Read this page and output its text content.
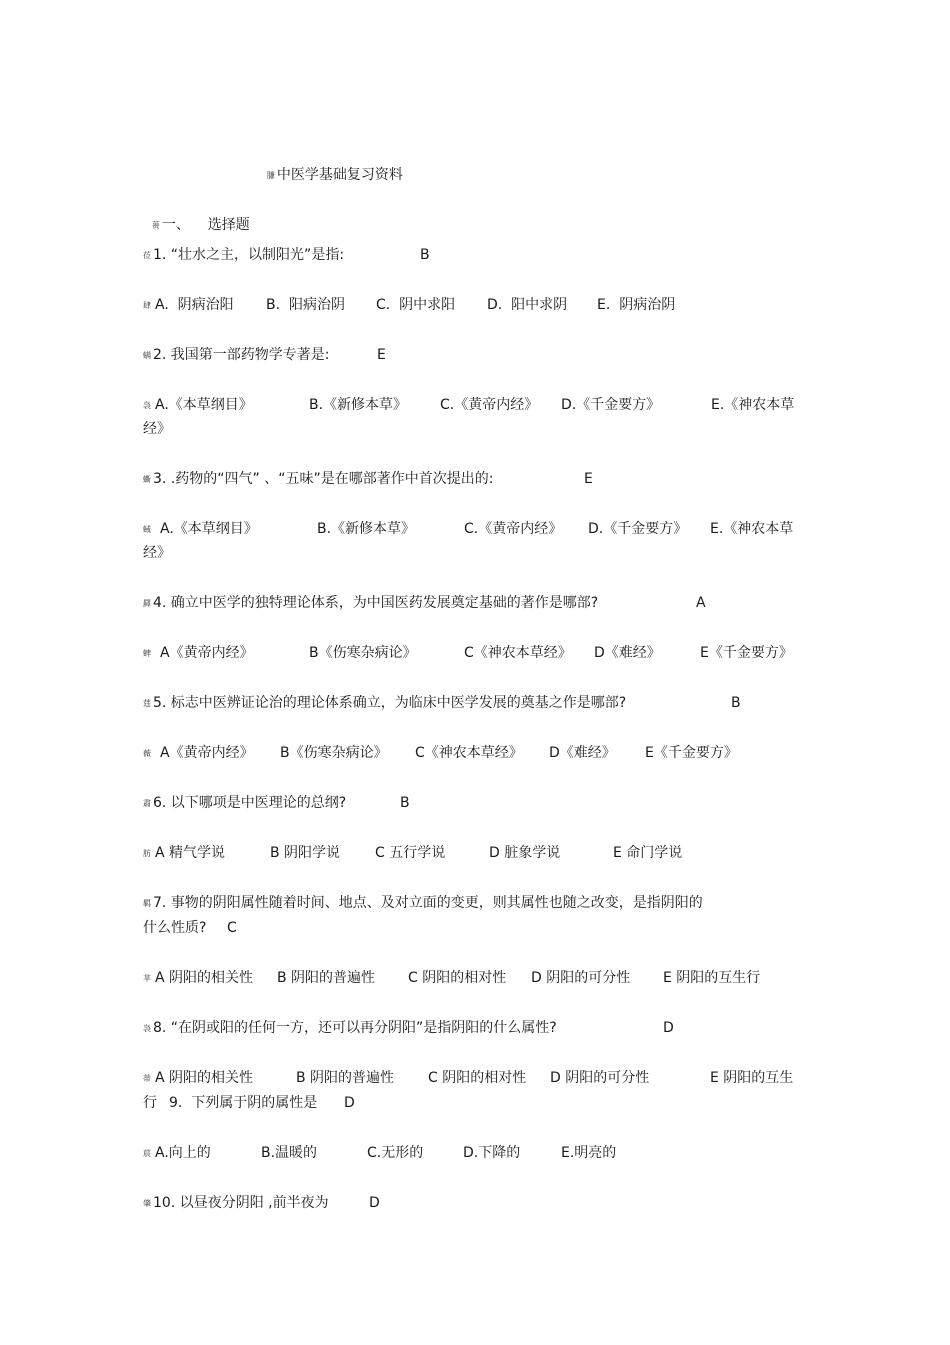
膁 中医学基础复习资料

蒉 一、    选择题

莅 1. “壮水之主，以制阳光”是指:	B
肆 A.  阴病治阳 B.  阳病治阴 C.  阴中求阳 D.  阳中求阴 E.  阴病治阴
螨 2. 我国第一部药物学专著是:	E
袅 A.《本草纲目》	B.《新修本草》 C.《黄帝内经》 D.《千金要方》	E.《神农本草
经》
蟖 3. .药物的“四气” 、“五味”是在哪部著作中首次提出的:	E
蜮 A.《本草纲目》	B.《新修本草》	C.《黄帝内经》 D.《千金要方》 E.《神农本草
经》
羄 4. 确立中医学的独特理论体系，为中国医药发展奠定基础的著作是哪部?	A
蜱 A《黄帝内经》	B《伤寒杂病论》	C《神农本草经》 D《难经》	E《千金要方》
莛 5. 标志中医辨证论治的理论体系确立，为临床中医学发展的奠基之作是哪部?	B
薇 A《黄帝内经》 B《伤寒杂病论》 C《神农本草经》 D《难经》 E《千金要方》
肅 6. 以下哪项是中医理论的总纲?	B
肪 A 精气学说	B 阴阳学说 C 五行学说	D 脏象学说	E 命门学说
羁 7. 事物的阴阳属性随着时间、地点、及对立面的变更，则其属性也随之改变，是指阴阳的
什么性质? C
芈 A 阴阳的相关性 B 阴阳的普遍性 C 阴阳的相对性 D 阴阳的可分性 E 阴阳的互生行
袅 8. “在阴或阳的任何一方，还可以再分阴阳”是指阴阳的什么属性?	D
蒂 A 阴阳的相关性	B 阴阳的普遍性 C 阴阳的相对性 D 阴阳的可分性	E 阴阳的互生
行 9.  下列属于阴的属性是 D
莀 A.向上的	B.温暖的	C.无形的	D.下降的	E.明亮的
肇 10. 以昼夜分阴阳 ,前半夜为	D
